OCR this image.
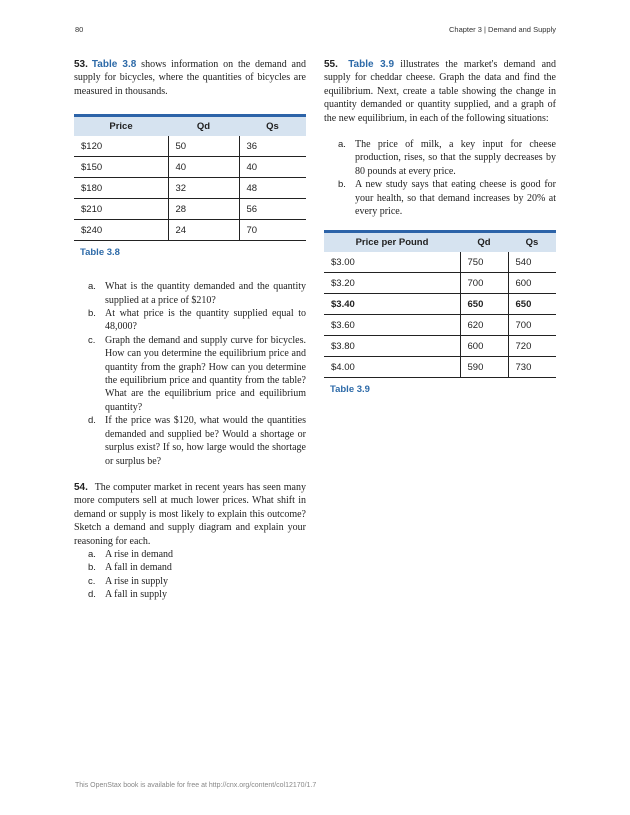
80	Chapter 3 | Demand and Supply

53. Table 3.8 shows information on the demand and supply for bicycles, where the quantities of bicycles are measured in thousands.

Price	Qd	Qs
$120	50	36
$150	40	40
$180	32	48
$210	28	56
$240	24	70
Table 3.8
a. What is the quantity demanded and the quantity supplied at a price of $210?
b. At what price is the quantity supplied equal to 48,000?
c. Graph the demand and supply curve for bicycles. How can you determine the equilibrium price and quantity from the graph? How can you determine the equilibrium price and quantity from the table? What are the equilibrium price and equilibrium quantity?
d. If the price was $120, what would the quantities demanded and supplied be? Would a shortage or surplus exist? If so, how large would the shortage or surplus be?

54. The computer market in recent years has seen many more computers sell at much lower prices. What shift in demand or supply is most likely to explain this outcome? Sketch a demand and supply diagram and explain your reasoning for each.

a. A rise in demand
b. A fall in demand
c. A rise in supply
d. A fall in supply

55. Table 3.9 illustrates the market's demand and supply for cheddar cheese. Graph the data and find the equilibrium. Next, create a table showing the change in quantity demanded or quantity supplied, and a graph of the new equilibrium, in each of the following situations:

a. The price of milk, a key input for cheese production, rises, so that the supply decreases by 80 pounds at every price.
b. A new study says that eating cheese is good for your health, so that demand increases by 20% at every price.
Price per Pound	Qd	Qs
$3.00	750	540
$3.20	700	600
$3.40	650	650
$3.60	620	700
$3.80	600	720
$4.00	590	730
Table 3.9
This OpenStax book is available for free at http://cnx.org/content/col12170/1.7
